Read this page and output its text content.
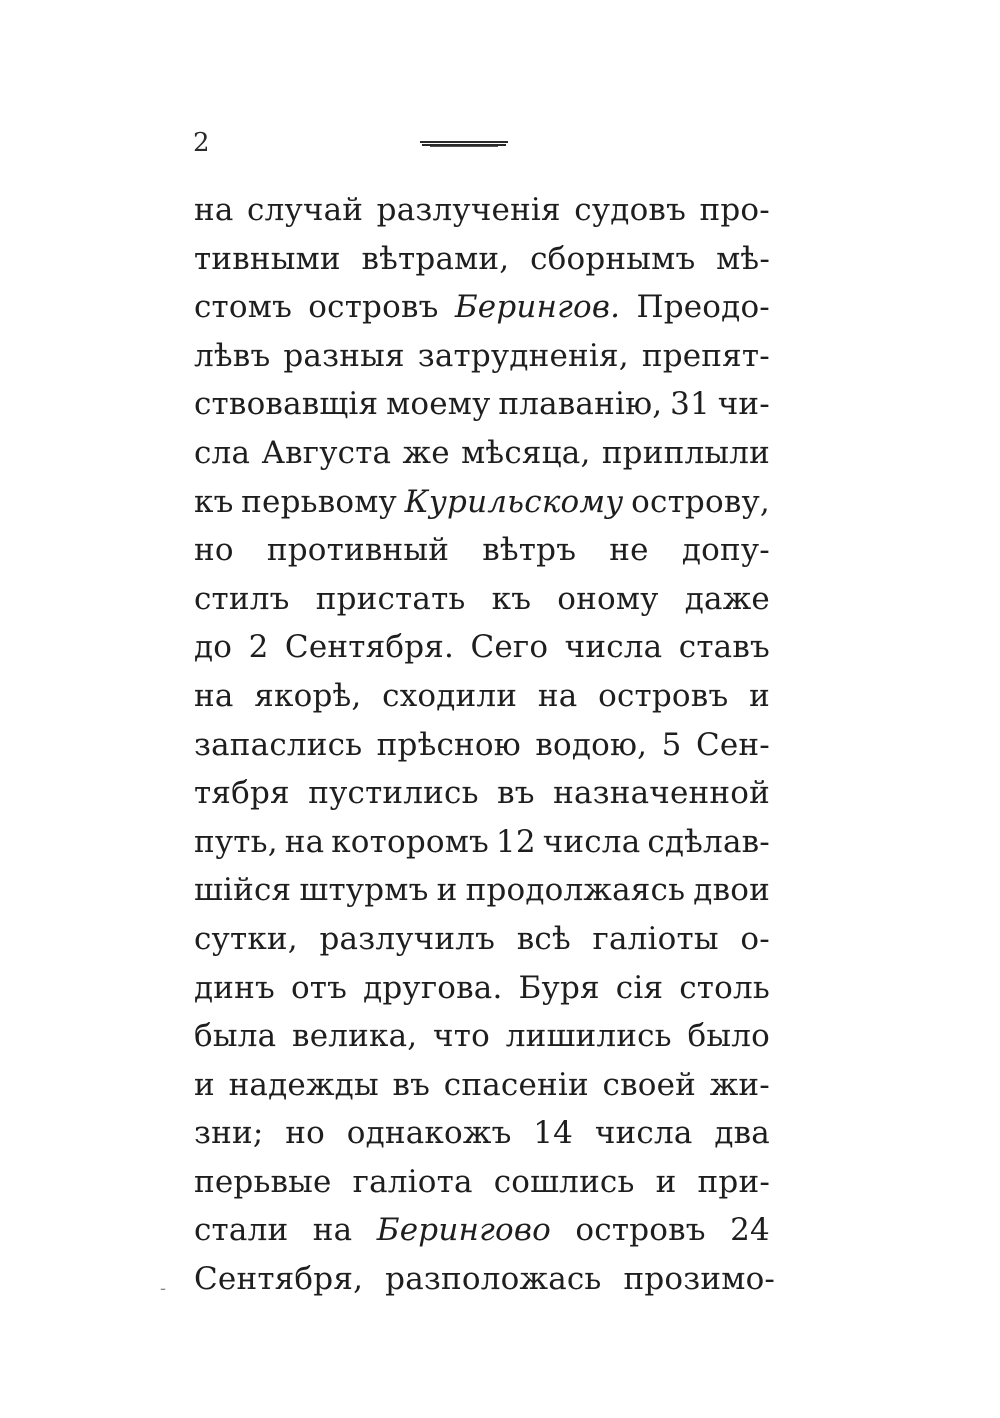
2
на случай разлученія судовъ про-
тивными вѣтрами, сборнымъ мѣ-
стомъ островъ Берингов. Преодо-
лѣвъ разныя затрудненія, препят-
ствовавщія моему плаванію, 31 чи-
сла Августа же мѣсяца, приплыли
къ перьвому Курильскому острову,
но противный вѣтръ не допу-
стилъ пристать къ оному даже
до 2 Сентября. Сего числа ставъ
на якорѣ, сходили на островъ и
запаслись прѣсною водою, 5 Сен-
тября пустились въ назначенной
путь, на которомъ 12 числа сдѣлав-
шійся штурмъ и продолжаясь двои
сутки, разлучилъ всѣ галіоты о-
динъ отъ другова. Буря сія столь
была велика, что лишились было
и надежды въ спасеніи своей жи-
зни; но однакожъ 14 числа два
перьвые галіота сошлись и при-
стали на Берингово островъ 24
Сентября, разположась прозимо-
-
